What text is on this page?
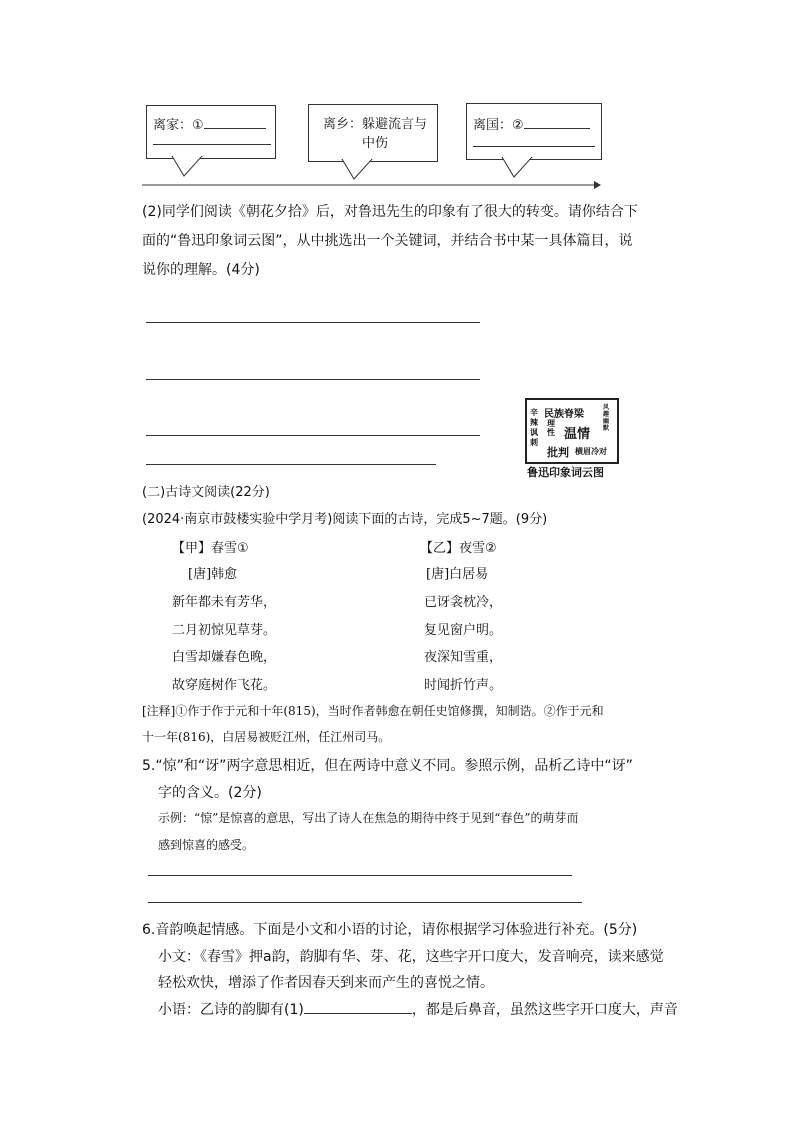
离家：①	离乡：躲避流言与中伤
离国：②
(2)同学们阅读《朝花夕拾》后，对鲁迅先生的印象有了很大的转变。请你结合下面的“鲁迅印象词云图”，从中挑选出一个关键词，并结合书中某一具体篇目，说说你的理解。(4分)
辛辣讽刺
民族脊梁
理性 温情
风趣幽默
批判 横眉冷对
鲁迅印象词云图
(二)古诗文阅读(22分)
(2024·南京市鼓楼实验中学月考)阅读下面的古诗，完成5~7题。(9分)
【甲】春雪①
[唐]韩愈
新年都未有芳华，
二月初惊见草芽。
白雪却嫌春色晚，
故穿庭树作飞花。
【乙】夜雪②
[唐]白居易
已讶衾枕冷，
复见窗户明。
夜深知雪重，
时闻折竹声。
[注释]①作于作于元和十年(815)，当时作者韩愈在朝任史馆修撰，知制诰。②作于元和
十一年(816)，白居易被贬江州，任江州司马。
5.“惊”和“讶”两字意思相近，但在两诗中意义不同。参照示例，品析乙诗中“讶”
字的含义。(2分)
示例：“惊”是惊喜的意思，写出了诗人在焦急的期待中终于见到“春色”的萌芽而
感到惊喜的感受。
6.音韵唤起情感。下面是小文和小语的讨论，请你根据学习体验进行补充。(5分)
小文：《春雪》押a韵，韵脚有华、芽、花，这些字开口度大，发音响亮，读来感觉
轻松欢快，增添了作者因春天到来而产生的喜悦之情。
小语：乙诗的韵脚有(1)	，都是后鼻音，虽然这些字开口度大，声音
